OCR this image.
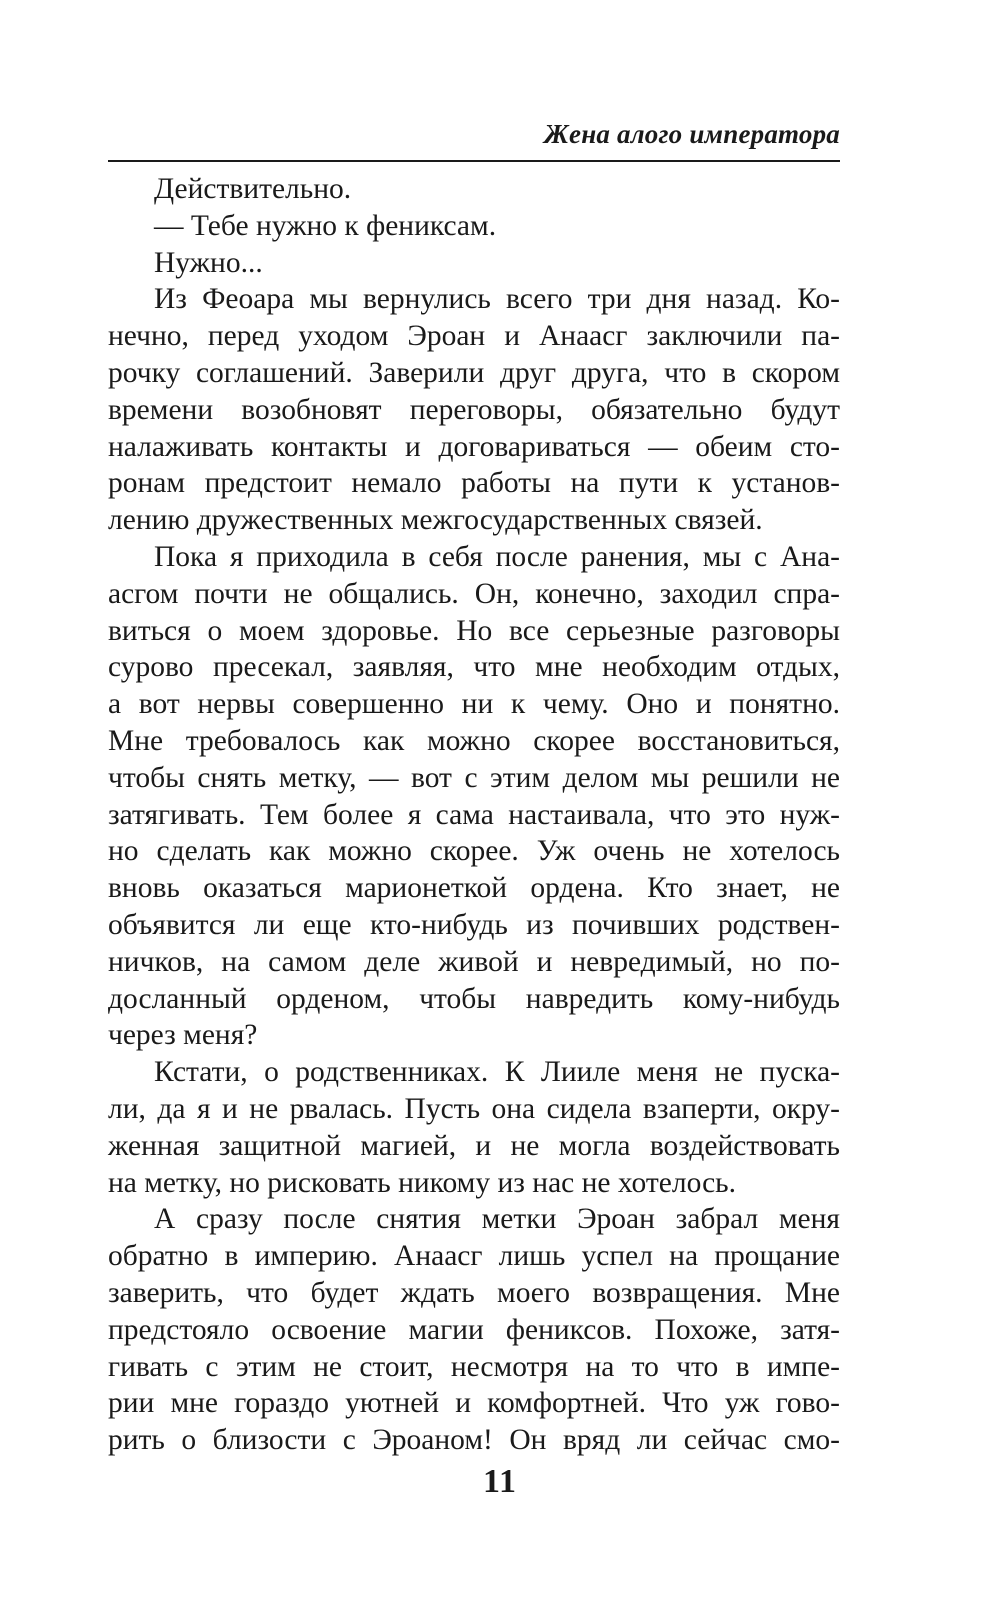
Жена алого императора
Действительно.
— Тебе нужно к фениксам.
Нужно...
Из Феоара мы вернулись всего три дня назад. Ко-
нечно, перед уходом Эроан и Анаасг заключили па-
рочку соглашений. Заверили друг друга, что в скором
времени возобновят переговоры, обязательно будут
налаживать контакты и договариваться — обеим сто-
ронам предстоит немало работы на пути к установ-
лению дружественных межгосударственных связей.
Пока я приходила в себя после ранения, мы с Ана-
асгом почти не общались. Он, конечно, заходил спра-
виться о моем здоровье. Но все серьезные разговоры
сурово пресекал, заявляя, что мне необходим отдых,
а вот нервы совершенно ни к чему. Оно и понятно.
Мне требовалось как можно скорее восстановиться,
чтобы снять метку, — вот с этим делом мы решили не
затягивать. Тем более я сама настаивала, что это нуж-
но сделать как можно скорее. Уж очень не хотелось
вновь оказаться марионеткой ордена. Кто знает, не
объявится ли еще кто-нибудь из почивших родствен-
ничков, на самом деле живой и невредимый, но по-
досланный орденом, чтобы навредить кому-нибудь
через меня?
Кстати, о родственниках. К Лииле меня не пуска-
ли, да я и не рвалась. Пусть она сидела взаперти, окру-
женная защитной магией, и не могла воздействовать
на метку, но рисковать никому из нас не хотелось.
А сразу после снятия метки Эроан забрал меня
обратно в империю. Анаасг лишь успел на прощание
заверить, что будет ждать моего возвращения. Мне
предстояло освоение магии фениксов. Похоже, затя-
гивать с этим не стоит, несмотря на то что в импе-
рии мне гораздо уютней и комфортней. Что уж гово-
рить о близости с Эроаном! Он вряд ли сейчас смо-
11
